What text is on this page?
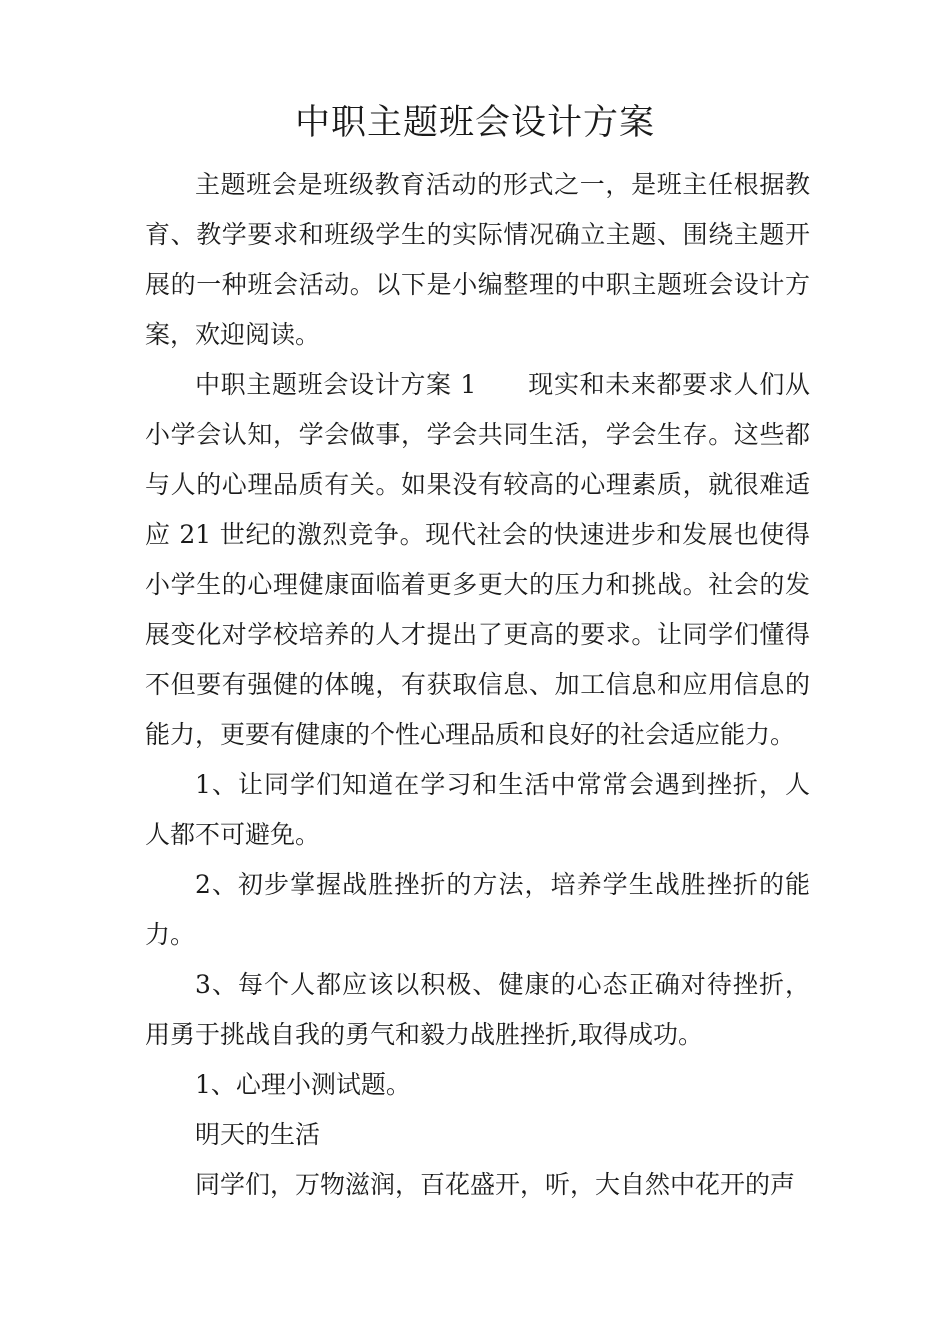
中职主题班会设计方案

主题班会是班级教育活动的形式之一，是班主任根据教育、教学要求和班级学生的实际情况确立主题、围绕主题开展的一种班会活动。以下是小编整理的中职主题班会设计方案，欢迎阅读。

中职主题班会设计方案 1　　现实和未来都要求人们从小学会认知，学会做事，学会共同生活，学会生存。这些都与人的心理品质有关。如果没有较高的心理素质，就很难适应 21 世纪的激烈竞争。现代社会的快速进步和发展也使得小学生的心理健康面临着更多更大的压力和挑战。社会的发展变化对学校培养的人才提出了更高的要求。让同学们懂得不但要有强健的体魄，有获取信息、加工信息和应用信息的能力，更要有健康的个性心理品质和良好的社会适应能力。

1、让同学们知道在学习和生活中常常会遇到挫折，人人都不可避免。

2、初步掌握战胜挫折的方法，培养学生战胜挫折的能力。

3、每个人都应该以积极、健康的心态正确对待挫折，用勇于挑战自我的勇气和毅力战胜挫折,取得成功。

1、心理小测试题。

明天的生活

同学们，万物滋润，百花盛开，听，大自然中花开的声
